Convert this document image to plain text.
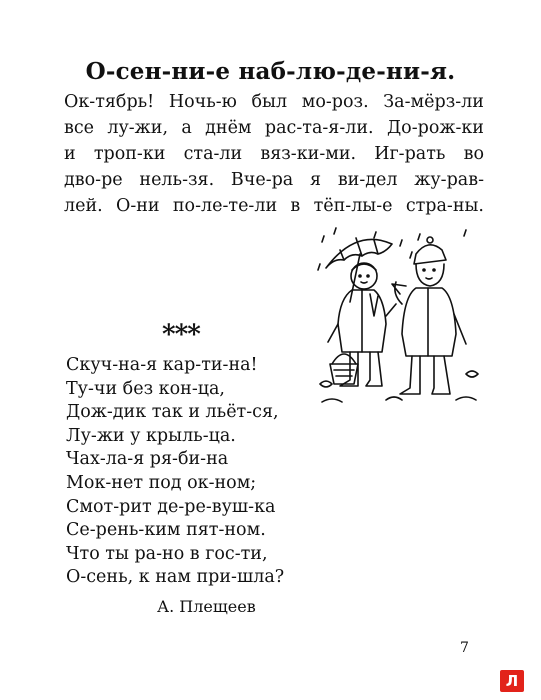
О-сен-ни-е наб-лю-де-ни-я.
Ок-тябрь! Ночь-ю был мо-роз. За-мёрз-ли
все лу-жи, а днём рас-та-я-ли. До-рож-ки
и троп-ки ста-ли вяз-ки-ми. Иг-рать во
дво-ре нель-зя. Вче-ра я ви-дел жу-рав-
лей. О-ни по-ле-те-ли в тёп-лы-е стра-ны.
***
Скуч-на-я кар-ти-на!
Ту-чи без кон-ца,
Дож-дик так и льёт-ся,
Лу-жи у крыль-ца.
Чах-ла-я ря-би-на
Мок-нет под ок-ном;
Смот-рит де-ре-вуш-ка
Се-рень-ким пят-ном.
Что ты ра-но в гос-ти,
О-сень, к нам при-шла?
А. Плещеев
7
Л
